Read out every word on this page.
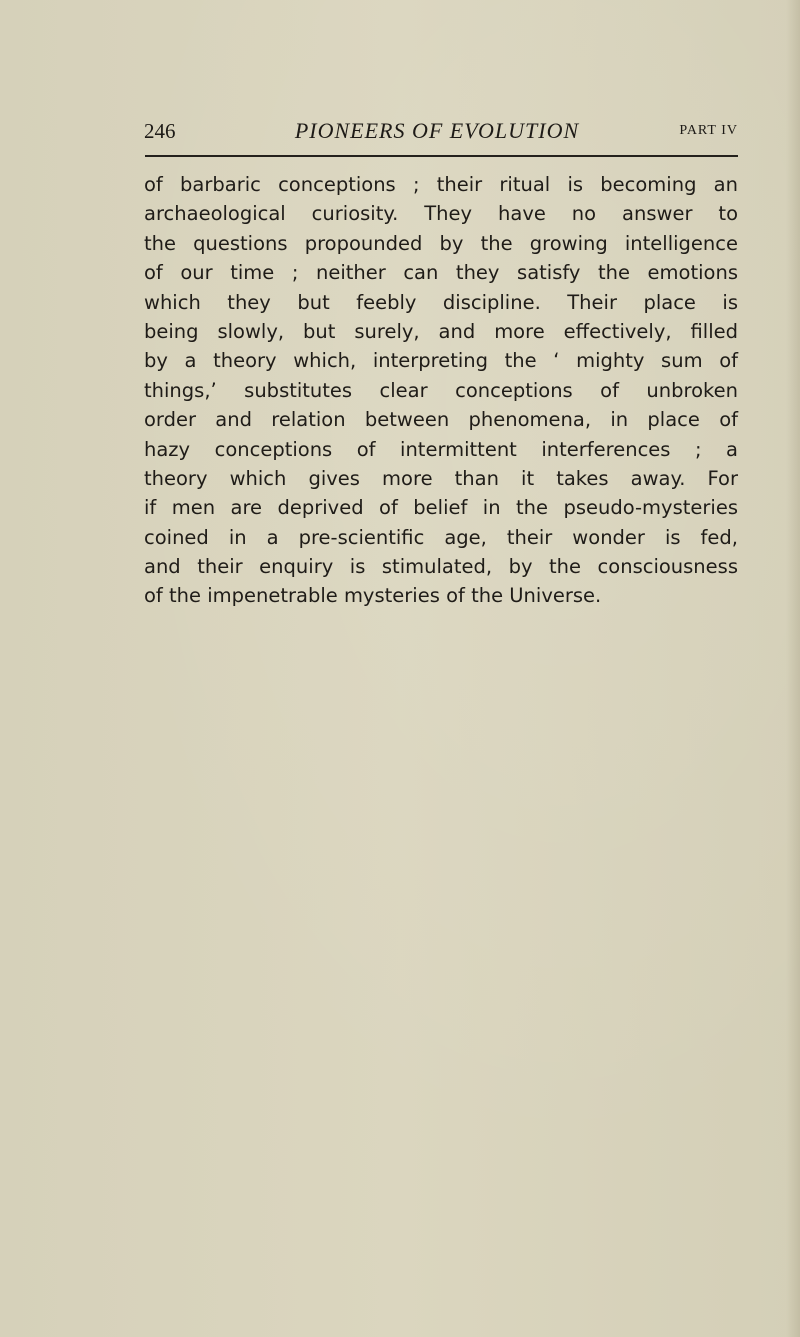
246	PIONEERS OF EVOLUTION	PART IV
of barbaric conceptions ; their ritual is becoming an
archaeological curiosity. They have no answer to
the questions propounded by the growing intelligence
of our time ; neither can they satisfy the emotions
which they but feebly discipline. Their place is
being slowly, but surely, and more effectively, filled
by a theory which, interpreting the ‘ mighty sum of
things,’ substitutes clear conceptions of unbroken
order and relation between phenomena, in place of
hazy conceptions of intermittent interferences ; a
theory which gives more than it takes away. For
if men are deprived of belief in the pseudo-mysteries
coined in a pre-scientific age, their wonder is fed,
and their enquiry is stimulated, by the consciousness
of the impenetrable mysteries of the Universe.
